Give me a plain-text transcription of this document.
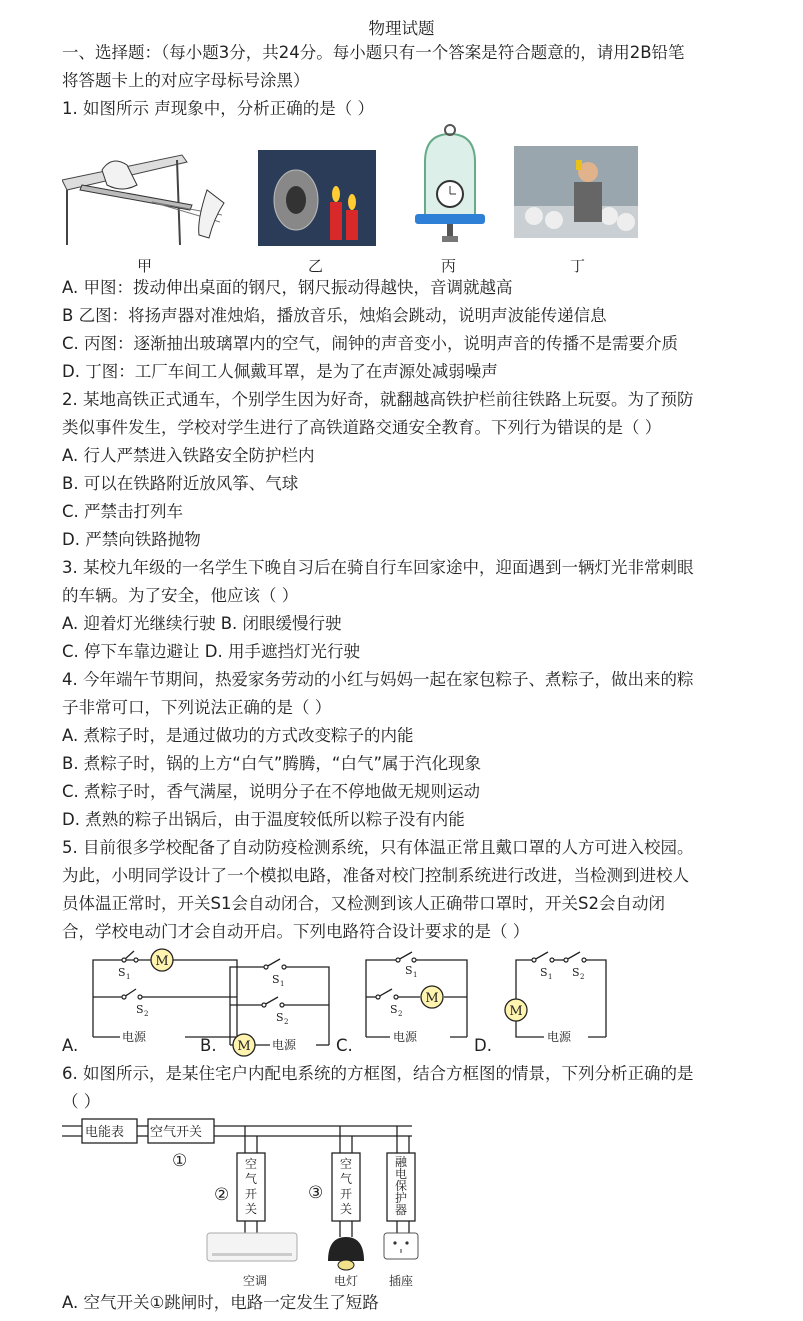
物理试题
一、选择题：（每小题3分，共24分。每小题只有一个答案是符合题意的，请用2B铅笔
将答题卡上的对应字母标号涂黑）
1. 如图所示 声现象中，分析正确的是（ ）
甲	乙	丙	丁
A. 甲图：拨动伸出桌面的钢尺，钢尺振动得越快，音调就越高
B 乙图：将扬声器对准烛焰，播放音乐，烛焰会跳动，说明声波能传递信息
C. 丙图：逐渐抽出玻璃罩内的空气，闹钟的声音变小，说明声音的传播不是需要介质
D. 丁图：工厂车间工人佩戴耳罩，是为了在声源处减弱噪声
2. 某地高铁正式通车，个别学生因为好奇，就翻越高铁护栏前往铁路上玩耍。为了预防
类似事件发生，学校对学生进行了高铁道路交通安全教育。下列行为错误的是（ ）
A. 行人严禁进入铁路安全防护栏内
B. 可以在铁路附近放风筝、气球
C. 严禁击打列车
D. 严禁向铁路抛物
3. 某校九年级的一名学生下晚自习后在骑自行车回家途中，迎面遇到一辆灯光非常刺眼
的车辆。为了安全，他应该（ ）
A. 迎着灯光继续行驶 B. 闭眼缓慢行驶
C. 停下车靠边避让 D. 用手遮挡灯光行驶
4. 今年端午节期间，热爱家务劳动的小红与妈妈一起在家包粽子、煮粽子，做出来的粽
子非常可口，下列说法正确的是（ ）
A. 煮粽子时，是通过做功的方式改变粽子的内能
B. 煮粽子时，锅的上方“白气”腾腾，“白气”属于汽化现象
C. 煮粽子时，香气满屋，说明分子在不停地做无规则运动
D. 煮熟的粽子出锅后，由于温度较低所以粽子没有内能
5. 目前很多学校配备了自动防疫检测系统，只有体温正常且戴口罩的人方可进入校园。
为此，小明同学设计了一个模拟电路，准备对校门控制系统进行改进，当检测到进校人
员体温正常时，开关S1会自动闭合，又检测到该人正确带口罩时，开关S2会自动闭
合，学校电动门才会自动开启。下列电路符合设计要求的是（ ）
M
M
M
M
S 1
S 2
S 1
S 2
S 1
S 2
S 1 S 2
电源
电源
电源	电源
A.	B.	C.	D.
6. 如图所示，是某住宅户内配电系统的方框图，结合方框图的情景，下列分析正确的是
（ ）
电能表 空气开关
①
②	③
空
气
开
关
空
气
开
关
融
电
保
护
器
空调	电灯	插座
A. 空气开关①跳闸时，电路一定发生了短路
